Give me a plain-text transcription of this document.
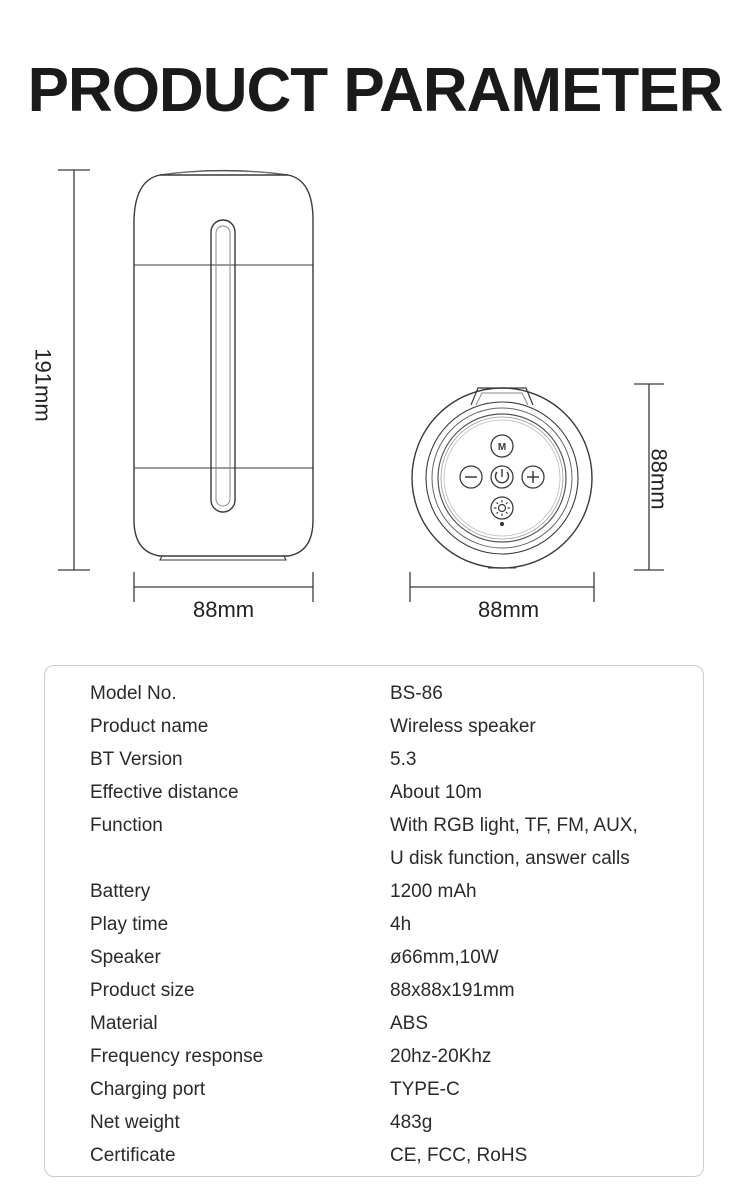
PRODUCT PARAMETER
M
191mm
88mm	88mm
88mm
Model No.	BS-86
Product name	Wireless speaker
BT Version	5.3
Effective distance	About 10m
Function	With RGB light, TF, FM, AUX,
U disk function, answer calls
Battery	1200 mAh
Play time	4h
Speaker	ø66mm,10W
Product size	88x88x191mm
Material	ABS
Frequency response	20hz-20Khz
Charging port	TYPE-C
Net weight	483g
Certificate	CE, FCC, RoHS
